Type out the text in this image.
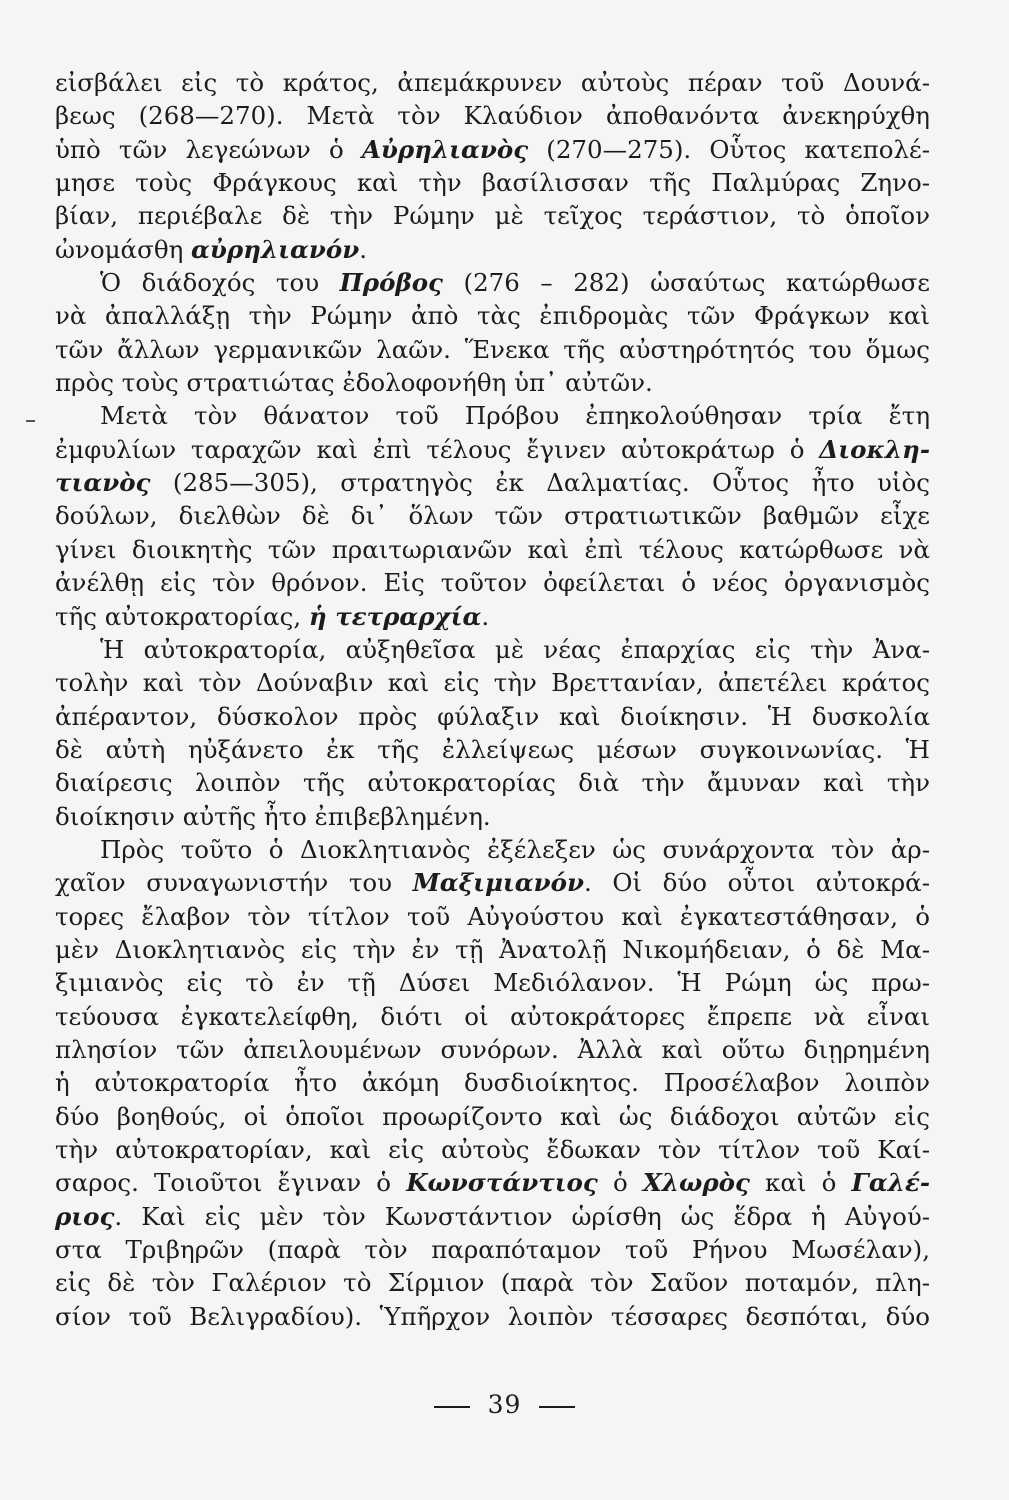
εἰσβάλει εἰς τὸ κράτος, ἀπεμάκρυνεν αὐτοὺς πέραν τοῦ Δουνά-
βεως (268—270). Μετὰ τὸν Κλαύδιον ἀποθανόντα ἀνεκηρύχθη
ὑπὸ τῶν λεγεώνων ὁ Αὐρηλιανὸς (270—275). Οὗτος κατεπολέ-
μησε τοὺς Φράγκους καὶ τὴν βασίλισσαν τῆς Παλμύρας Ζηνο-
βίαν, περιέβαλε δὲ τὴν Ρώμην μὲ τεῖχος τεράστιον, τὸ ὁποῖον
ὠνομάσθη αὐρηλιανόν.
Ὁ διάδοχός του Πρόβος (276 – 282) ὡσαύτως κατώρθωσε
νὰ ἀπαλλάξῃ τὴν Ρώμην ἀπὸ τὰς ἐπιδρομὰς τῶν Φράγκων καὶ
τῶν ἄλλων γερμανικῶν λαῶν. Ἕνεκα τῆς αὐστηρότητός του ὅμως
πρὸς τοὺς στρατιώτας ἐδολοφονήθη ὑπ᾽ αὐτῶν.
Μετὰ τὸν θάνατον τοῦ Πρόβου ἐπηκολούθησαν τρία ἔτη
ἐμφυλίων ταραχῶν καὶ ἐπὶ τέλους ἔγινεν αὐτοκράτωρ ὁ Διοκλη-
τιανὸς (285—305), στρατηγὸς ἐκ Δαλματίας. Οὗτος ἦτο υἱὸς
δούλων, διελθὼν δὲ δι᾽ ὅλων τῶν στρατιωτικῶν βαθμῶν εἶχε
γίνει διοικητὴς τῶν πραιτωριανῶν καὶ ἐπὶ τέλους κατώρθωσε νὰ
ἀνέλθῃ εἰς τὸν θρόνον. Εἰς τοῦτον ὀφείλεται ὁ νέος ὀργανισμὸς
τῆς αὐτοκρατορίας, ἡ τετραρχία.
Ἡ αὐτοκρατορία, αὐξηθεῖσα μὲ νέας ἐπαρχίας εἰς τὴν Ἀνα-
τολὴν καὶ τὸν Δούναβιν καὶ εἰς τὴν Βρεττανίαν, ἀπετέλει κράτος
ἀπέραντον, δύσκολον πρὸς φύλαξιν καὶ διοίκησιν. Ἡ δυσκολία
δὲ αὐτὴ ηὐξάνετο ἐκ τῆς ἐλλείψεως μέσων συγκοινωνίας. Ἡ
διαίρεσις λοιπὸν τῆς αὐτοκρατορίας διὰ τὴν ἄμυναν καὶ τὴν
διοίκησιν αὐτῆς ἦτο ἐπιβεβλημένη.
Πρὸς τοῦτο ὁ Διοκλητιανὸς ἐξέλεξεν ὡς συνάρχοντα τὸν ἀρ-
χαῖον συναγωνιστήν του Μαξιμιανόν. Οἱ δύο οὗτοι αὐτοκρά-
τορες ἔλαβον τὸν τίτλον τοῦ Αὐγούστου καὶ ἐγκατεστάθησαν, ὁ
μὲν Διοκλητιανὸς εἰς τὴν ἐν τῇ Ἀνατολῇ Νικομήδειαν, ὁ δὲ Μα-
ξιμιανὸς εἰς τὸ ἐν τῇ Δύσει Μεδιόλανον. Ἡ Ρώμη ὡς πρω-
τεύουσα ἐγκατελείφθη, διότι οἱ αὐτοκράτορες ἔπρεπε νὰ εἶναι
πλησίον τῶν ἀπειλουμένων συνόρων. Ἀλλὰ καὶ οὕτω διῃρημένη
ἡ αὐτοκρατορία ἦτο ἀκόμη δυσδιοίκητος. Προσέλαβον λοιπὸν
δύο βοηθούς, οἱ ὁποῖοι προωρίζοντο καὶ ὡς διάδοχοι αὐτῶν εἰς
τὴν αὐτοκρατορίαν, καὶ εἰς αὐτοὺς ἔδωκαν τὸν τίτλον τοῦ Καί-
σαρος. Τοιοῦτοι ἔγιναν ὁ Κωνστάντιος ὁ Χλωρὸς καὶ ὁ Γαλέ-
ριος. Καὶ εἰς μὲν τὸν Κωνστάντιον ὡρίσθη ὡς ἕδρα ἡ Αὐγού-
στα Τριβηρῶν (παρὰ τὸν παραπόταμον τοῦ Ρήνου Μωσέλαν),
εἰς δὲ τὸν Γαλέριον τὸ Σίρμιον (παρὰ τὸν Σαῦον ποταμόν, πλη-
σίον τοῦ Βελιγραδίου). Ὑπῆρχον λοιπὸν τέσσαρες δεσπόται, δύο
39
